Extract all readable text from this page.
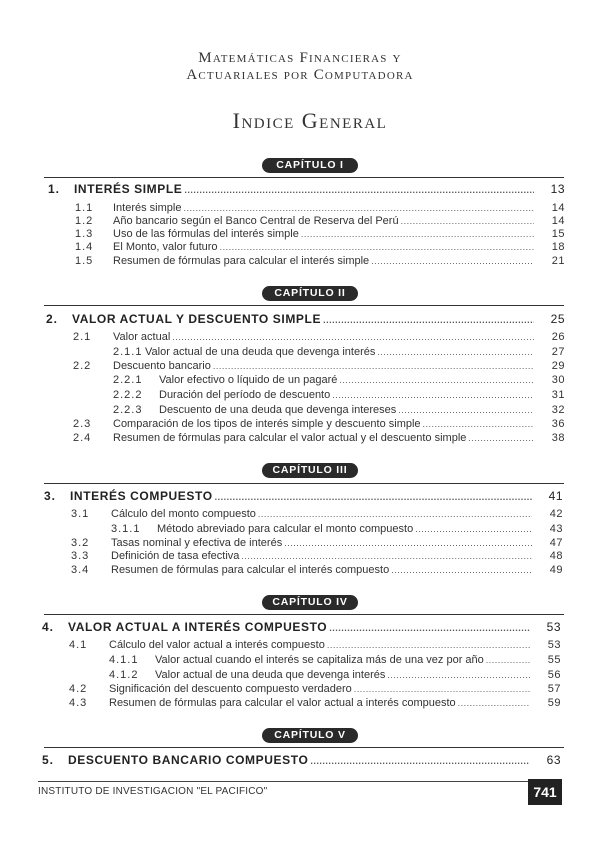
Matemáticas Financieras y
Actuariales por Computadora
Indice General
CAPÍTULO I
1.	INTERÉS SIMPLE .....	13
1.1	Interés simple .....	14
1.2	Año bancario según el Banco Central de Reserva del Perú .....	14
1.3	Uso de las fórmulas del interés simple .....	15
1.4	El Monto, valor futuro .....	18
1.5	Resumen de fórmulas para calcular el interés simple .....	21
CAPÍTULO II
2.	VALOR ACTUAL Y DESCUENTO SIMPLE .....	25
2.1	Valor actual .....	26
2.1.1 Valor actual de una deuda que devenga interés .....	27
2.2	Descuento bancario .....	29
2.2.1	Valor efectivo o líquido de un pagaré .....	30
2.2.2	Duración del período de descuento .....	31
2.2.3	Descuento de una deuda que devenga intereses .....	32
2.3	Comparación de los tipos de interés simple y descuento simple .....	36
2.4	Resumen de fórmulas para calcular el valor actual y el descuento simple .....	38
CAPÍTULO III
3.	INTERÉS COMPUESTO .....	41
3.1	Cálculo del monto compuesto .....	42
3.1.1	Método abreviado para calcular el monto compuesto .....	43
3.2	Tasas nominal y efectiva de interés .....	47
3.3	Definición de tasa efectiva .....	48
3.4	Resumen de fórmulas para calcular el interés compuesto .....	49
CAPÍTULO IV
4.	VALOR ACTUAL A INTERÉS COMPUESTO .....	53
4.1	Cálculo del valor actual a interés compuesto .....	53
4.1.1	Valor actual cuando el interés se capitaliza más de una vez por año .....	55
4.1.2	Valor actual de una deuda que devenga interés .....	56
4.2	Significación del descuento compuesto verdadero .....	57
4.3	Resumen de fórmulas para calcular el valor actual a interés compuesto .....	59
CAPÍTULO V
5.	DESCUENTO BANCARIO COMPUESTO .....	63
INSTITUTO DE INVESTIGACION "EL PACIFICO"	741
